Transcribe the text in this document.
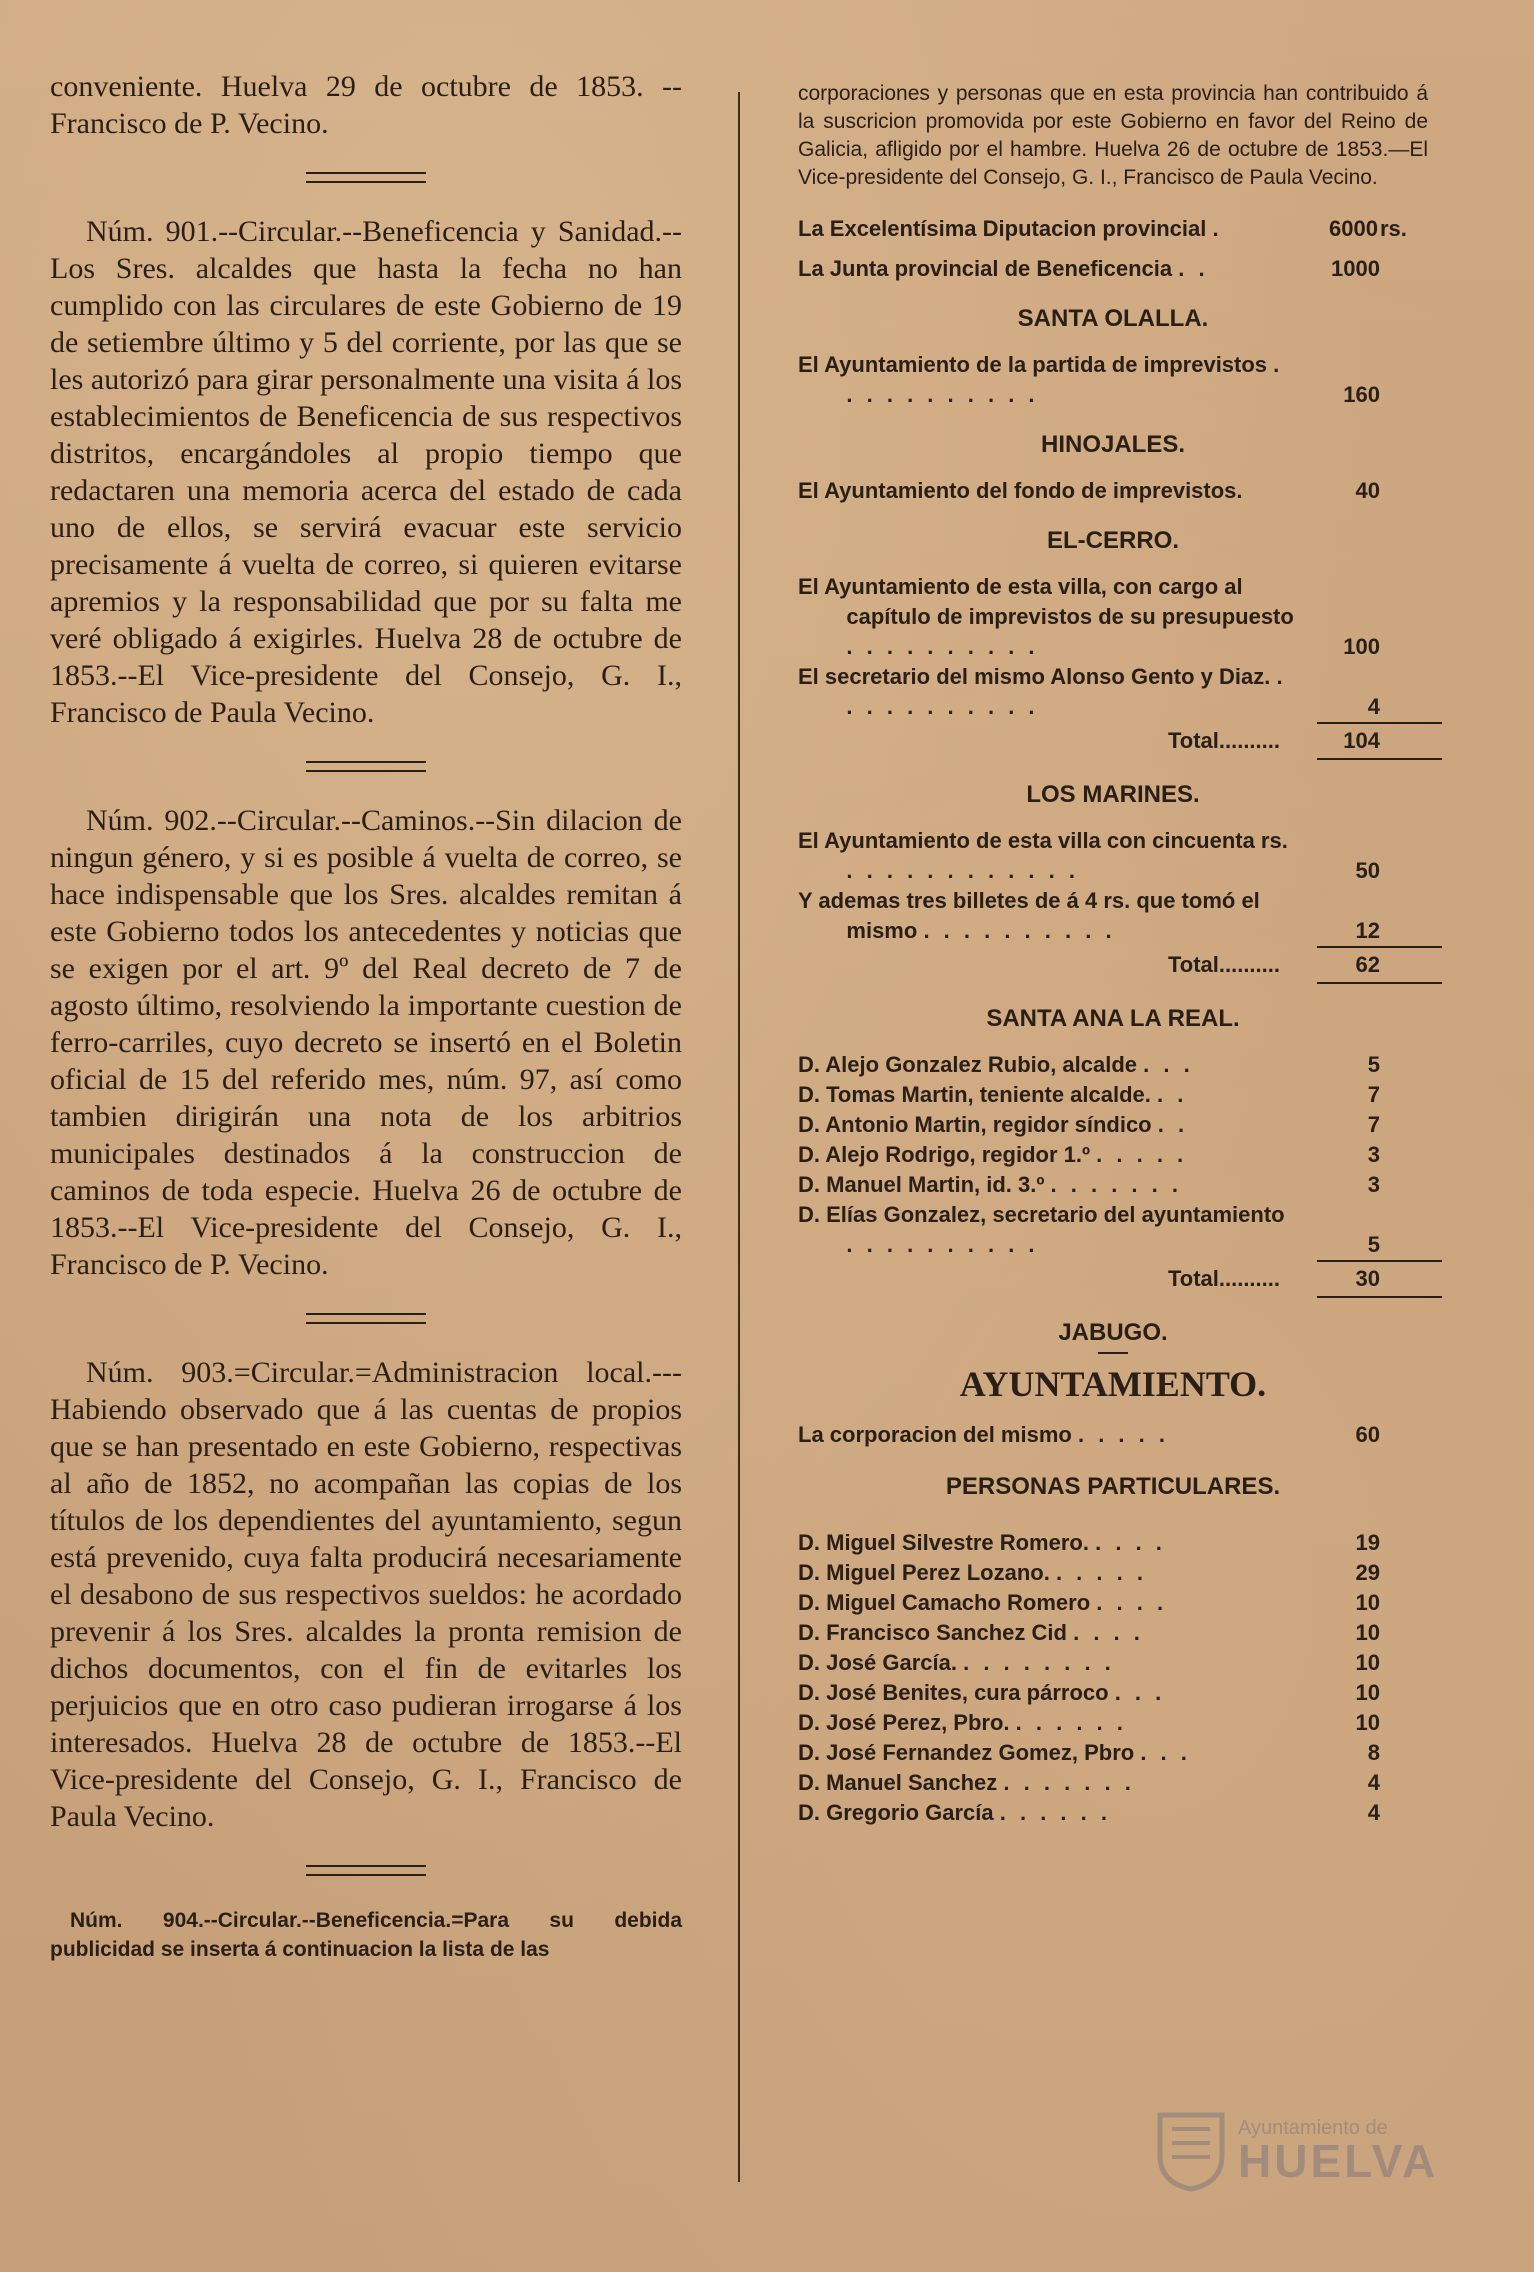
conveniente. Huelva 29 de octubre de 1853. --Francisco de P. Vecino.

Núm. 901.--Circular.--Beneficencia y Sanidad.--Los Sres. alcaldes que hasta la fecha no han cumplido con las circulares de este Gobierno de 19 de setiembre último y 5 del corriente, por las que se les autorizó para girar personalmente una visita á los establecimientos de Beneficencia de sus respectivos distritos, encargándoles al propio tiempo que redactaren una memoria acerca del estado de cada uno de ellos, se servirá evacuar este servicio precisamente á vuelta de correo, si quieren evitarse apremios y la responsabilidad que por su falta me veré obligado á exigirles. Huelva 28 de octubre de 1853.--El Vice-presidente del Consejo, G. I., Francisco de Paula Vecino.

Núm. 902.--Circular.--Caminos.--Sin dilacion de ningun género, y si es posible á vuelta de correo, se hace indispensable que los Sres. alcaldes remitan á este Gobierno todos los antecedentes y noticias que se exigen por el art. 9º del Real decreto de 7 de agosto último, resolviendo la importante cuestion de ferro-carriles, cuyo decreto se insertó en el Boletin oficial de 15 del referido mes, núm. 97, así como tambien dirigirán una nota de los arbitrios municipales destinados á la construccion de caminos de toda especie. Huelva 26 de octubre de 1853.--El Vice-presidente del Consejo, G. I., Francisco de P. Vecino.

Núm. 903.=Circular.=Administracion local.---Habiendo observado que á las cuentas de propios que se han presentado en este Gobierno, respectivas al año de 1852, no acompañan las copias de los títulos de los dependientes del ayuntamiento, segun está prevenido, cuya falta producirá necesariamente el desabono de sus respectivos sueldos: he acordado prevenir á los Sres. alcaldes la pronta remision de dichos documentos, con el fin de evitarles los perjuicios que en otro caso pudieran irrogarse á los interesados. Huelva 28 de octubre de 1853.--El Vice-presidente del Consejo, G. I., Francisco de Paula Vecino.

Núm. 904.--Circular.--Beneficencia.=Para su debida publicidad se inserta á continuacion la lista de las

corporaciones y personas que en esta provincia han contribuido á la suscricion promovida por este Gobierno en favor del Reino de Galicia, afligido por el hambre. Huelva 26 de octubre de 1853.—El Vice-presidente del Consejo, G. I., Francisco de Paula Vecino.

La Excelentísima Diputacion provincial .	6000 rs.
La Junta provincial de Beneficencia . .	1000
SANTA OLALLA.
El Ayuntamiento de la partida de imprevistos . . . . . . . . . . .	160
HINOJALES.
El Ayuntamiento del fondo de imprevistos.	40
EL-CERRO.
El Ayuntamiento de esta villa, con cargo al capítulo de imprevistos de su presupuesto . . . . . . . . . .	100
El secretario del mismo Alonso Gento y Diaz. . . . . . . . . . . .	4
Total..........	104
LOS MARINES.
El Ayuntamiento de esta villa con cincuenta rs. . . . . . . . . . . . .	50
Y ademas tres billetes de á 4 rs. que tomó el mismo . . . . . . . . . .	12
Total..........	62
SANTA ANA LA REAL.
D. Alejo Gonzalez Rubio, alcalde . . .	5
D. Tomas Martin, teniente alcalde. . .	7
D. Antonio Martin, regidor síndico . .	7
D. Alejo Rodrigo, regidor 1.º . . . . .	3
D. Manuel Martin, id. 3.º . . . . . . .	3
D. Elías Gonzalez, secretario del ayuntamiento . . . . . . . . . .	5
Total..........	30
JABUGO.
AYUNTAMIENTO.
La corporacion del mismo . . . . .	60
PERSONAS PARTICULARES.
D. Miguel Silvestre Romero. . . . .	19
D. Miguel Perez Lozano. . . . . .	29
D. Miguel Camacho Romero . . . .	10
D. Francisco Sanchez Cid . . . .	10
D. José García. . . . . . . . .	10
D. José Benites, cura párroco . . .	10
D. José Perez, Pbro. . . . . . .	10
D. José Fernandez Gomez, Pbro . . .	8
D. Manuel Sanchez . . . . . . .	4
D. Gregorio García . . . . . .	4
Ayuntamiento de
HUELVA
